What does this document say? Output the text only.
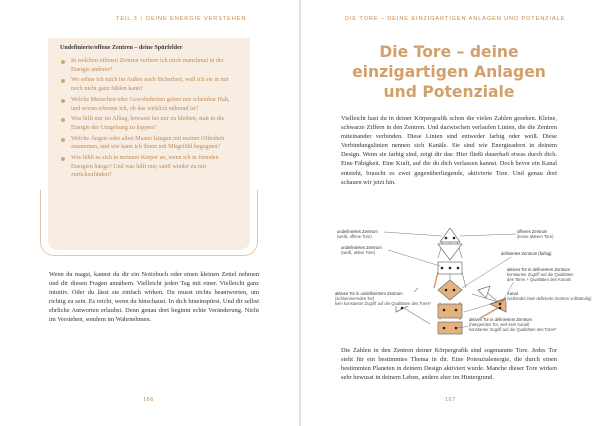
TEIL 3 | DEINE ENERGIE VERSTEHEN	DIE TORE – DEINE EINZIGARTIGEN ANLAGEN UND POTENZIALE
Undefinierte/offene Zentren – deine Spürfelder
In welchen offenen Zentren verliere ich mich manchmal in der Energie anderer?
Wo sehne ich mich im Außen nach Sicherheit, weil ich sie in mir noch nicht ganz fühlen kann?
Welche Menschen oder Gewohnheiten geben mir scheinbar Halt, und woran erkenne ich, ob das wirklich nährend ist?
Was hilft mir im Alltag, bewusst bei mir zu bleiben, statt in die Energie der Umgebung zu kippen?
Welche Ängste oder alten Muster hängen mit meiner Offenheit zusammen, und wie kann ich ihnen mit Mitgefühl begegnen?
Wie fühlt es sich in meinem Körper an, wenn ich in fremden Energien hänge? Und was hilft mir, sanft wieder zu mir zurückzufinden?

Wenn du magst, kannst du dir ein Notizbuch oder einen kleinen Zettel nehmen und dir diesen Fragen annähern. Vielleicht jeden Tag mit einer. Vielleicht ganz intuitiv. Oder du lässt sie einfach wirken. Du musst nichts beantworten, um richtig zu sein. Es reicht, wenn du hinschaust. In dich hineinspürst. Und dir selbst ehrliche Antworten erlaubst. Denn genau dort beginnt echte Veränderung. Nicht im Verstehen, sondern im Wahrnehmen.

Die Tore – deine einzigartigen Anlagen und Potenziale

Vielleicht hast du in deiner Körpergrafik schon die vielen Zahlen gesehen. Kleine, schwarze Ziffern in den Zentren. Und dazwischen verlaufen Linien, die die Zentren miteinander verbinden. Diese Linien sind entweder farbig oder weiß. Diese Verbindungslinien nennen sich Kanäle. Sie sind wie Energieadern in deinem Design. Wenn sie farbig sind, zeigt dir das: Hier fließt dauerhaft etwas durch dich. Eine Fähigkeit. Eine Kraft, auf die du dich verlassen kannst. Doch bevor ein Kanal entsteht, braucht es zwei gegenüberliegende, aktivierte Tore. Und genau dort schauen wir jetzt hin.

undefiniertes Zentrum
(weiß, offene Tore)
offenes Zentrum
(keine aktiven Tore)
undefiniertes Zentrum
(weiß, aktive Tore)	definiertes Zentrum (farbig)
aktives Tor in definiertem Zentrum
konstanter Zugriff auf die Qualitäten
des Tores + Qualitäten des Kanals
aktives Tor in undefiniertem Zentrum
(schlummerndes Tor)
kein konstanter Zugriff auf die Qualitäten des Tores*
Kanal
(verbindet zwei definierte Zentren vollständig)
aktives Tor in definiertem Zentrum
(hängendes Tor, weil kein Kanal)
konstanter Zugriff auf die Qualitäten des Tores*

Die Zahlen in den Zentren deiner Körpergrafik sind sogenannte Tore. Jedes Tor steht für ein bestimmtes Thema in dir. Eine Potenzialenergie, die durch einen bestimmten Planeten in deinem Design aktiviert wurde. Manche dieser Tore wirken sehr bewusst in deinem Leben, andere eher im Hintergrund.

166	167
